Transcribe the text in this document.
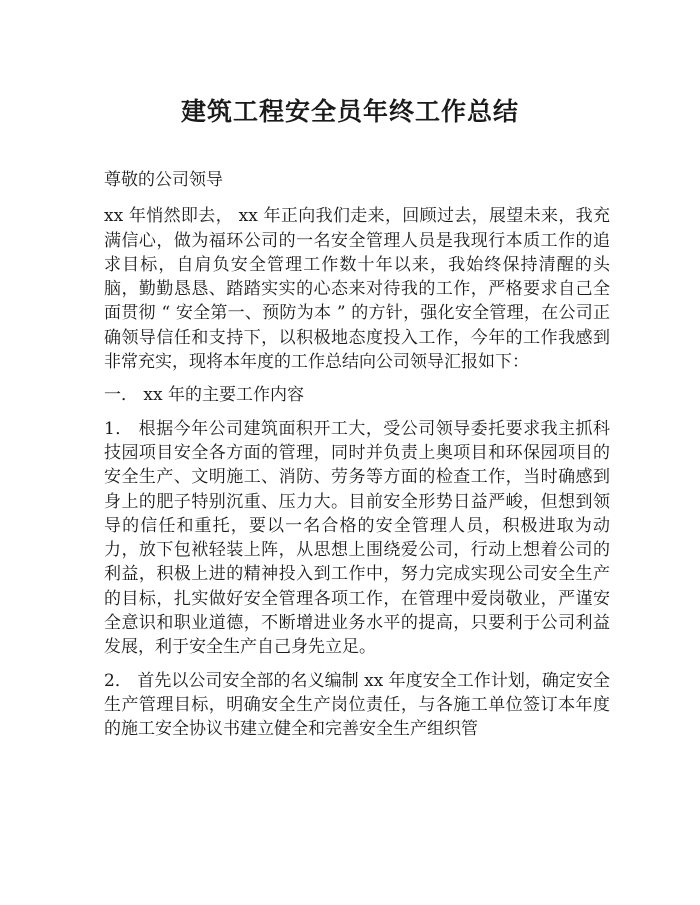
建筑工程安全员年终工作总结

尊敬的公司领导

xx 年悄然即去， xx 年正向我们走来，回顾过去，展望未来，我充满信心，做为福环公司的一名安全管理人员是我现行本质工作的追求目标，自肩负安全管理工作数十年以来，我始终保持清醒的头脑，勤勤恳恳、踏踏实实的心态来对待我的工作，严格要求自己全面贯彻 “ 安全第一、预防为本 ” 的方针，强化安全管理，在公司正确领导信任和支持下，以积极地态度投入工作，今年的工作我感到非常充实，现将本年度的工作总结向公司领导汇报如下：

一． xx 年的主要工作内容

1． 根据今年公司建筑面积开工大，受公司领导委托要求我主抓科技园项目安全各方面的管理，同时并负责上奥项目和环保园项目的安全生产、文明施工、消防、劳务等方面的检查工作，当时确感到身上的肥子特别沉重、压力大。目前安全形势日益严峻，但想到领导的信任和重托，要以一名合格的安全管理人员，积极进取为动力，放下包袱轻装上阵，从思想上围绕爱公司，行动上想着公司的利益，积极上进的精神投入到工作中，努力完成实现公司安全生产的目标，扎实做好安全管理各项工作，在管理中爱岗敬业，严谨安全意识和职业道德，不断增进业务水平的提高，只要利于公司利益发展，利于安全生产自己身先立足。

2． 首先以公司安全部的名义编制 xx 年度安全工作计划，确定安全生产管理目标，明确安全生产岗位责任，与各施工单位签订本年度的施工安全协议书建立健全和完善安全生产组织管
